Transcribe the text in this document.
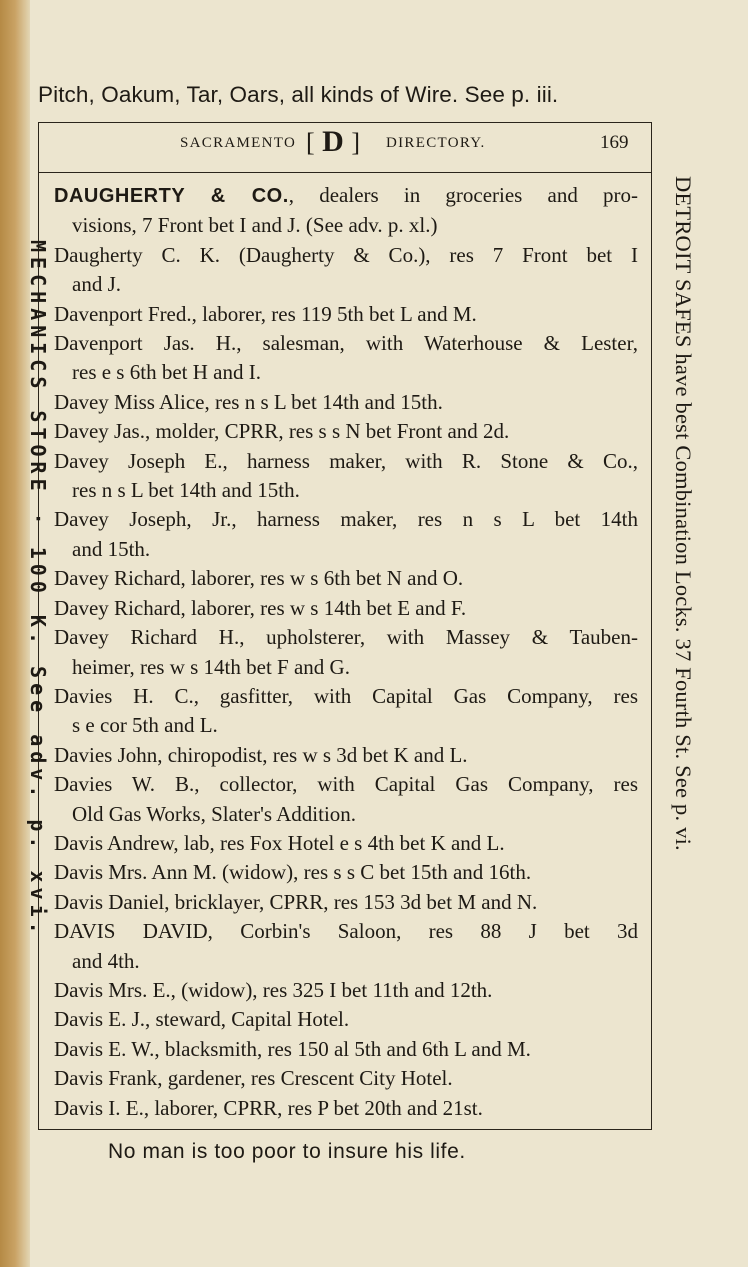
Pitch, Oakum, Tar, Oars, all kinds of Wire. See p. iii.
SACRAMENTO [ D ] DIRECTORY.	169
DAUGHERTY & CO., dealers in groceries and pro-
visions, 7 Front bet I and J. (See adv. p. xl.)
Daugherty C. K. (Daugherty & Co.), res 7 Front bet I
and J.
Davenport Fred., laborer, res 119 5th bet L and M.
Davenport Jas. H., salesman, with Waterhouse & Lester,
res e s 6th bet H and I.
Davey Miss Alice, res n s L bet 14th and 15th.
Davey Jas., molder, CPRR, res s s N bet Front and 2d.
Davey Joseph E., harness maker, with R. Stone & Co.,
res n s L bet 14th and 15th.
Davey Joseph, Jr., harness maker, res n s L bet 14th
and 15th.
Davey Richard, laborer, res w s 6th bet N and O.
Davey Richard, laborer, res w s 14th bet E and F.
Davey Richard H., upholsterer, with Massey & Tauben-
heimer, res w s 14th bet F and G.
Davies H. C., gasfitter, with Capital Gas Company, res
s e cor 5th and L.
Davies John, chiropodist, res w s 3d bet K and L.
Davies W. B., collector, with Capital Gas Company, res
Old Gas Works, Slater's Addition.
Davis Andrew, lab, res Fox Hotel e s 4th bet K and L.
Davis Mrs. Ann M. (widow), res s s C bet 15th and 16th.
Davis Daniel, bricklayer, CPRR, res 153 3d bet M and N.
DAVIS DAVID, Corbin's Saloon, res 88 J bet 3d
and 4th.
Davis Mrs. E., (widow), res 325 I bet 11th and 12th.
Davis E. J., steward, Capital Hotel.
Davis E. W., blacksmith, res 150 al 5th and 6th L and M.
Davis Frank, gardener, res Crescent City Hotel.
Davis I. E., laborer, CPRR, res P bet 20th and 21st.
MECHANICS STORE · 100 K. See adv. p. xvi.	DETROIT SAFES have best Combination Locks. 37 Fourth St. See p. vi.
No man is too poor to insure his life.
